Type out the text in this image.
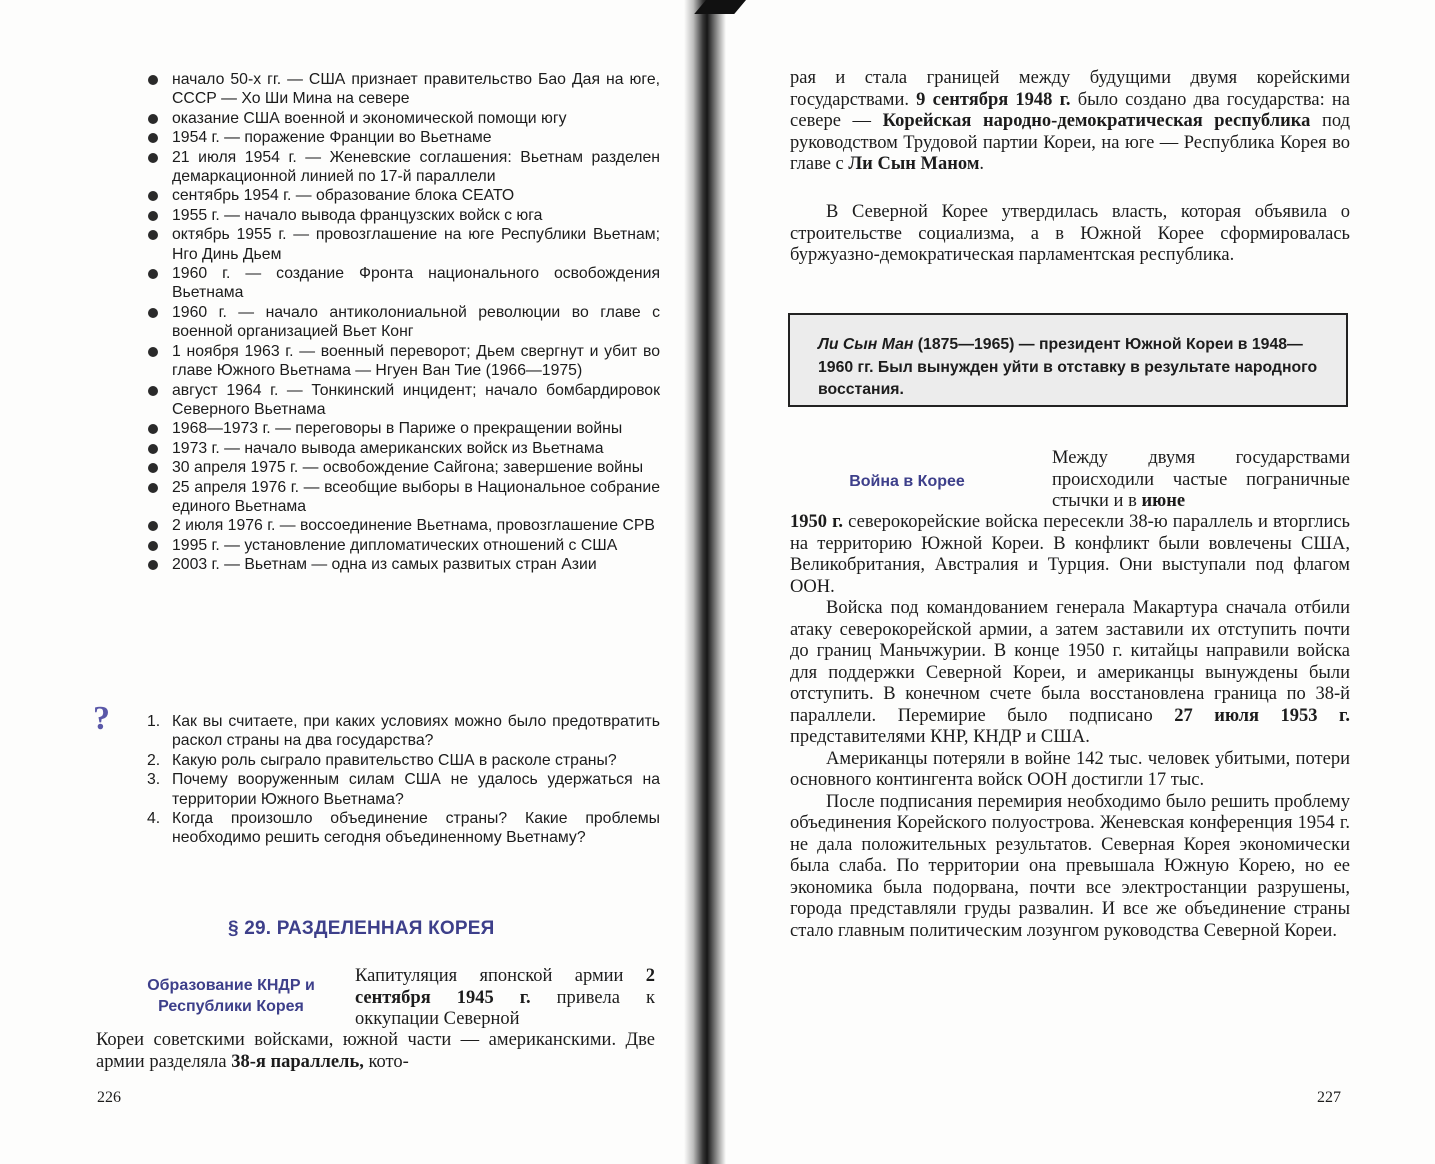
начало 50-х гг. — США признает правительство Бао Дая на юге, СССР — Хо Ши Мина на севере
оказание США военной и экономической помощи югу
1954 г. — поражение Франции во Вьетнаме
21 июля 1954 г. — Женевские соглашения: Вьетнам разделен демаркационной линией по 17-й параллели
сентябрь 1954 г. — образование блока СЕАТО
1955 г. — начало вывода французских войск с юга
октябрь 1955 г. — провозглашение на юге Республики Вьетнам; Нго Динь Дьем
1960 г. — создание Фронта национального освобождения Вьетнама
1960 г. — начало антиколониальной революции во главе с военной организацией Вьет Конг
1 ноября 1963 г. — военный переворот; Дьем свергнут и убит во главе Южного Вьетнама — Нгуен Ван Тие (1966—1975)
август 1964 г. — Тонкинский инцидент; начало бомбардировок Северного Вьетнама
1968—1973 г. — переговоры в Париже о прекращении войны
1973 г. — начало вывода американских войск из Вьетнама
30 апреля 1975 г. — освобождение Сайгона; завершение войны
25 апреля 1976 г. — всеобщие выборы в Национальное собрание единого Вьетнама
2 июля 1976 г. — воссоединение Вьетнама, провозглашение СРВ
1995 г. — установление дипломатических отношений с США
2003 г. — Вьетнам — одна из самых развитых стран Азии
? 1. Как вы считаете, при каких условиях можно было предотвратить раскол страны на два государства?
2. Какую роль сыграло правительство США в расколе страны?
3. Почему вооруженным силам США не удалось удержаться на территории Южного Вьетнама?
4. Когда произошло объединение страны? Какие проблемы необходимо решить сегодня объединенному Вьетнаму?
§ 29. РАЗДЕЛЕННАЯ КОРЕЯ
Образование КНДР и Республики Корея
Капитуляция японской армии 2 сентября 1945 г. привела к оккупации Северной
Кореи советскими войсками, южной части — американскими. Две армии разделяла 38-я параллель, кото-
226
рая и стала границей между будущими двумя корейскими государствами. 9 сентября 1948 г. было создано два государства: на севере — Корейская народно-демократическая республика под руководством Трудовой партии Кореи, на юге — Республика Корея во главе с Ли Сын Маном.

В Северной Корее утвердилась власть, которая объявила о строительстве социализма, а в Южной Корее сформировалась буржуазно-демократическая парламентская республика.

Ли Сын Ман (1875—1965) — президент Южной Кореи в 1948—1960 гг. Был вынужден уйти в отставку в результате народного восстания.
Война в Корее
Между двумя государствами происходили частые пограничные стычки и в июне

1950 г. северокорейские войска пересекли 38-ю параллель и вторглись на территорию Южной Кореи. В конфликт были вовлечены США, Великобритания, Австралия и Турция. Они выступали под флагом ООН.

Войска под командованием генерала Макартура сначала отбили атаку северокорейской армии, а затем заставили их отступить почти до границ Маньчжурии. В конце 1950 г. китайцы направили войска для поддержки Северной Кореи, и американцы вынуждены были отступить. В конечном счете была восстановлена граница по 38-й параллели. Перемирие было подписано 27 июля 1953 г. представителями КНР, КНДР и США.

Американцы потеряли в войне 142 тыс. человек убитыми, потери основного контингента войск ООН достигли 17 тыс.

После подписания перемирия необходимо было решить проблему объединения Корейского полуострова. Женевская конференция 1954 г. не дала положительных результатов. Северная Корея экономически была слаба. По территории она превышала Южную Корею, но ее экономика была подорвана, почти все электростанции разрушены, города представляли груды развалин. И все же объединение страны стало главным политическим лозунгом руководства Северной Кореи.

227
